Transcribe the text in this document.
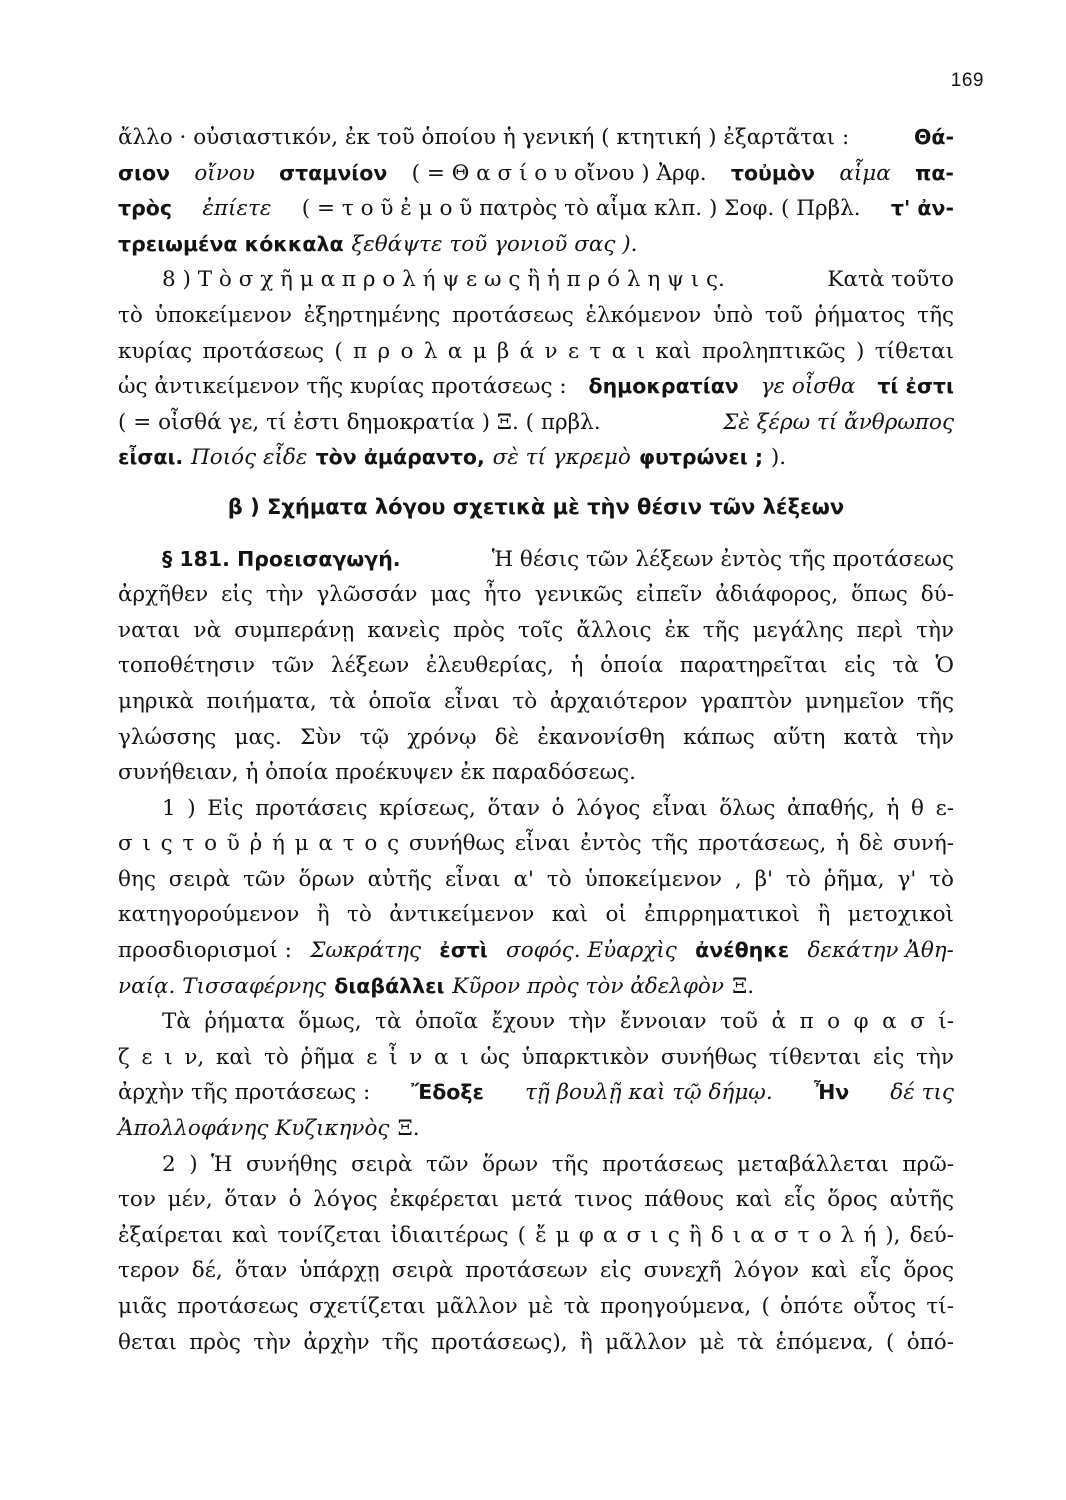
169
ἄλλο · οὐσιαστικόν, ἐκ τοῦ ὁποίου ἡ γενική ( κτητική ) ἐξαρτᾶται :	Θά-
σιον οἴνου σταμνίον ( = Θ α σ ί ο υ οἴνου ) Ἀρφ. τοὐμὸν αἷμα πα-
τρὸς ἐπίετε ( = τ ο ῦ ἐ μ ο ῦ πατρὸς τὸ αἷμα κλπ. ) Σοφ. ( Πρβλ. τ' ἀν-
τρειωμένα κόκκαλα ξεθάψτε τοῦ γονιοῦ σας ).
8 ) Τ ὸ σ χ ῆ μ α π ρ ο λ ή ψ ε ω ς ἢ ἡ π ρ ό λ η ψ ι ς.	Κατὰ τοῦτο
τὸ ὑποκείμενον ἐξηρτημένης προτάσεως ἑλκόμενον ὑπὸ τοῦ ῥήματος τῆς
κυρίας προτάσεως ( π ρ ο λ α μ β ά ν ε τ α ι καὶ προληπτικῶς ) τίθεται
ὡς ἀντικείμενον τῆς κυρίας προτάσεως : δημοκρατίαν γε οἶσθα τί ἐστι
( = οἶσθά γε, τί ἐστι δημοκρατία ) Ξ. ( πρβλ.	Σὲ ξέρω τί ἄνθρωπος
εἶσαι. Ποιός εἶδε τὸν ἀμάραντο, σὲ τί γκρεμὸ φυτρώνει ; ).
β ) Σχήματα λόγου σχετικὰ μὲ τὴν θέσιν τῶν λέξεων
§ 181. Προεισαγωγή.	Ἡ θέσις τῶν λέξεων ἐντὸς τῆς προτάσεως
ἀρχῆθεν εἰς τὴν γλῶσσάν μας ἦτο γενικῶς εἰπεῖν ἀδιάφορος, ὅπως δύ-
ναται νὰ συμπεράνῃ κανεὶς πρὸς τοῖς ἄλλοις ἐκ τῆς μεγάλης περὶ τὴν
τοποθέτησιν τῶν λέξεων ἐλευθερίας, ἡ ὁποία παρατηρεῖται εἰς τὰ Ὁ
μηρικὰ ποιήματα, τὰ ὁποῖα εἶναι τὸ ἀρχαιότερον γραπτὸν μνημεῖον τῆς
γλώσσης μας. Σὺν τῷ χρόνῳ δὲ ἐκανονίσθη κάπως αὕτη κατὰ τὴν
συνήθειαν, ἡ ὁποία προέκυψεν ἐκ παραδόσεως.
1 ) Εἰς προτάσεις κρίσεως, ὅταν ὁ λόγος εἶναι ὅλως ἀπαθής, ἡ θ ε-
σ ι ς τ ο ῦ ῥ ή μ α τ ο ς συνήθως εἶναι ἐντὸς τῆς προτάσεως, ἡ δὲ συνή-
θης σειρὰ τῶν ὅρων αὐτῆς εἶναι α' τὸ ὑποκείμενον , β' τὸ ῥῆμα, γ' τὸ
κατηγορούμενον ἢ τὸ ἀντικείμενον καὶ οἱ ἐπιρρηματικοὶ ἢ μετοχικοὶ
προσδιορισμοί : Σωκράτης ἐστὶ σοφός. Εὐαρχὶς ἀνέθηκε δεκάτην Ἀθη-
ναίᾳ. Τισσαφέρνης διαβάλλει Κῦρον πρὸς τὸν ἀδελφὸν Ξ.
Τὰ ῥήματα ὅμως, τὰ ὁποῖα ἔχουν τὴν ἔννοιαν τοῦ ἀ π ο φ α σ ί-
ζ ε ι ν, καὶ τὸ ῥῆμα ε ἶ ν α ι ὡς ὑπαρκτικὸν συνήθως τίθενται εἰς τὴν
ἀρχὴν τῆς προτάσεως : Ἔδοξε τῇ βουλῇ καὶ τῷ δήμῳ. Ἦν δέ τις
Ἀπολλοφάνης Κυζικηνὸς Ξ.
2 ) Ἡ συνήθης σειρὰ τῶν ὅρων τῆς προτάσεως μεταβάλλεται πρῶ-
τον μέν, ὅταν ὁ λόγος ἐκφέρεται μετά τινος πάθους καὶ εἷς ὅρος αὐτῆς
ἐξαίρεται καὶ τονίζεται ἰδιαιτέρως ( ἔ μ φ α σ ι ς ἢ δ ι α σ τ ο λ ή ), δεύ-
τερον δέ, ὅταν ὑπάρχῃ σειρὰ προτάσεων εἰς συνεχῆ λόγον καὶ εἷς ὅρος
μιᾶς προτάσεως σχετίζεται μᾶλλον μὲ τὰ προηγούμενα, ( ὁπότε οὗτος τί-
θεται πρὸς τὴν ἀρχὴν τῆς προτάσεως), ἢ μᾶλλον μὲ τὰ ἑπόμενα, ( ὁπό-
